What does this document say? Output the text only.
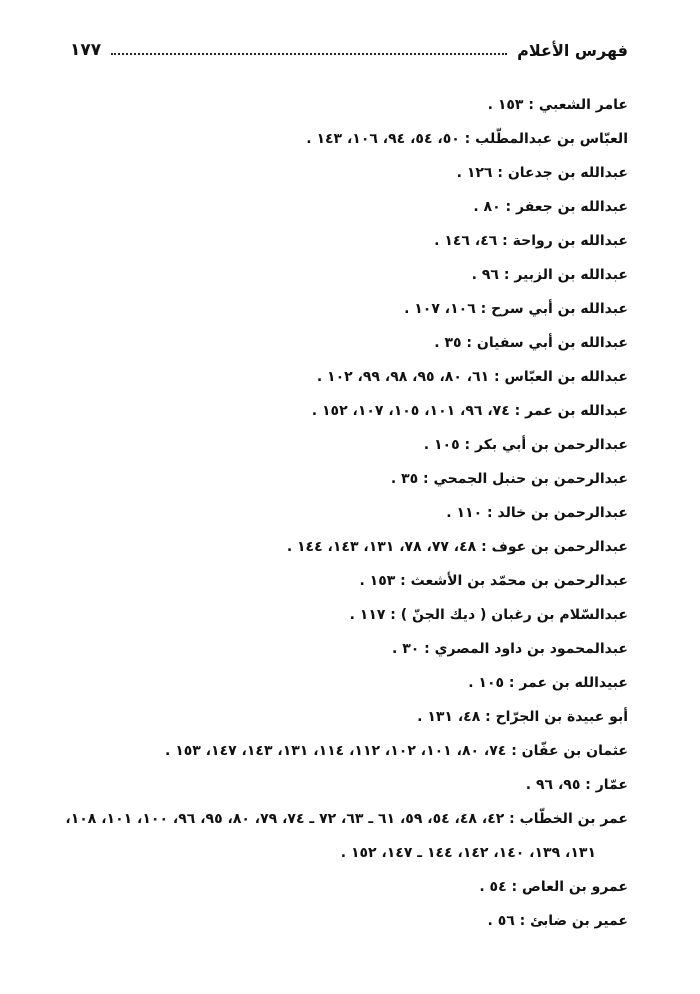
فهرس الأعلام
١٧٧
عامر الشعبي : ١٥٣ .
العبّاس بن عبدالمطّلب : ٥٠، ٥٤، ٩٤، ١٠٦، ١٤٣ .
عبدالله بن جدعان : ١٢٦ .
عبدالله بن جعفر : ٨٠ .
عبدالله بن رواحة : ٤٦، ١٤٦ .
عبدالله بن الزبير : ٩٦ .
عبدالله بن أبي سرح : ١٠٦، ١٠٧ .
عبدالله بن أبي سفيان : ٣٥ .
عبدالله بن العبّاس : ٦١، ٨٠، ٩٥، ٩٨، ٩٩، ١٠٢ .
عبدالله بن عمر : ٧٤، ٩٦، ١٠١، ١٠٥، ١٠٧، ١٥٢ .
عبدالرحمن بن أبي بكر : ١٠٥ .
عبدالرحمن بن حنبل الجمحي : ٣٥ .
عبدالرحمن بن خالد : ١١٠ .
عبدالرحمن بن عوف : ٤٨، ٧٧، ٧٨، ١٣١، ١٤٣، ١٤٤ .
عبدالرحمن بن محمّد بن الأشعث : ١٥٣ .
عبدالسّلام بن رغبان ( ديك الجنّ ) : ١١٧ .
عبدالمحمود بن داود المصري : ٣٠ .
عبيدالله بن عمر : ١٠٥ .
أبو عبيدة بن الجرّاح : ٤٨، ١٣١ .
عثمان بن عفّان : ٧٤، ٨٠، ١٠١، ١٠٢، ١١٢، ١١٤، ١٣١، ١٤٣، ١٤٧، ١٥٣ .
عمّار : ٩٥، ٩٦ .
عمر بن الخطّاب : ٤٢، ٤٨، ٥٤، ٥٩، ٦١ ـ ٦٣، ٧٢ ـ ٧٤، ٧٩، ٨٠، ٩٥، ٩٦، ١٠٠، ١٠١، ١٠٨،
١٣١، ١٣٩، ١٤٠، ١٤٢، ١٤٤ ـ ١٤٧، ١٥٢ .
عمرو بن العاص : ٥٤ .
عمير بن ضابئ : ٥٦ .
